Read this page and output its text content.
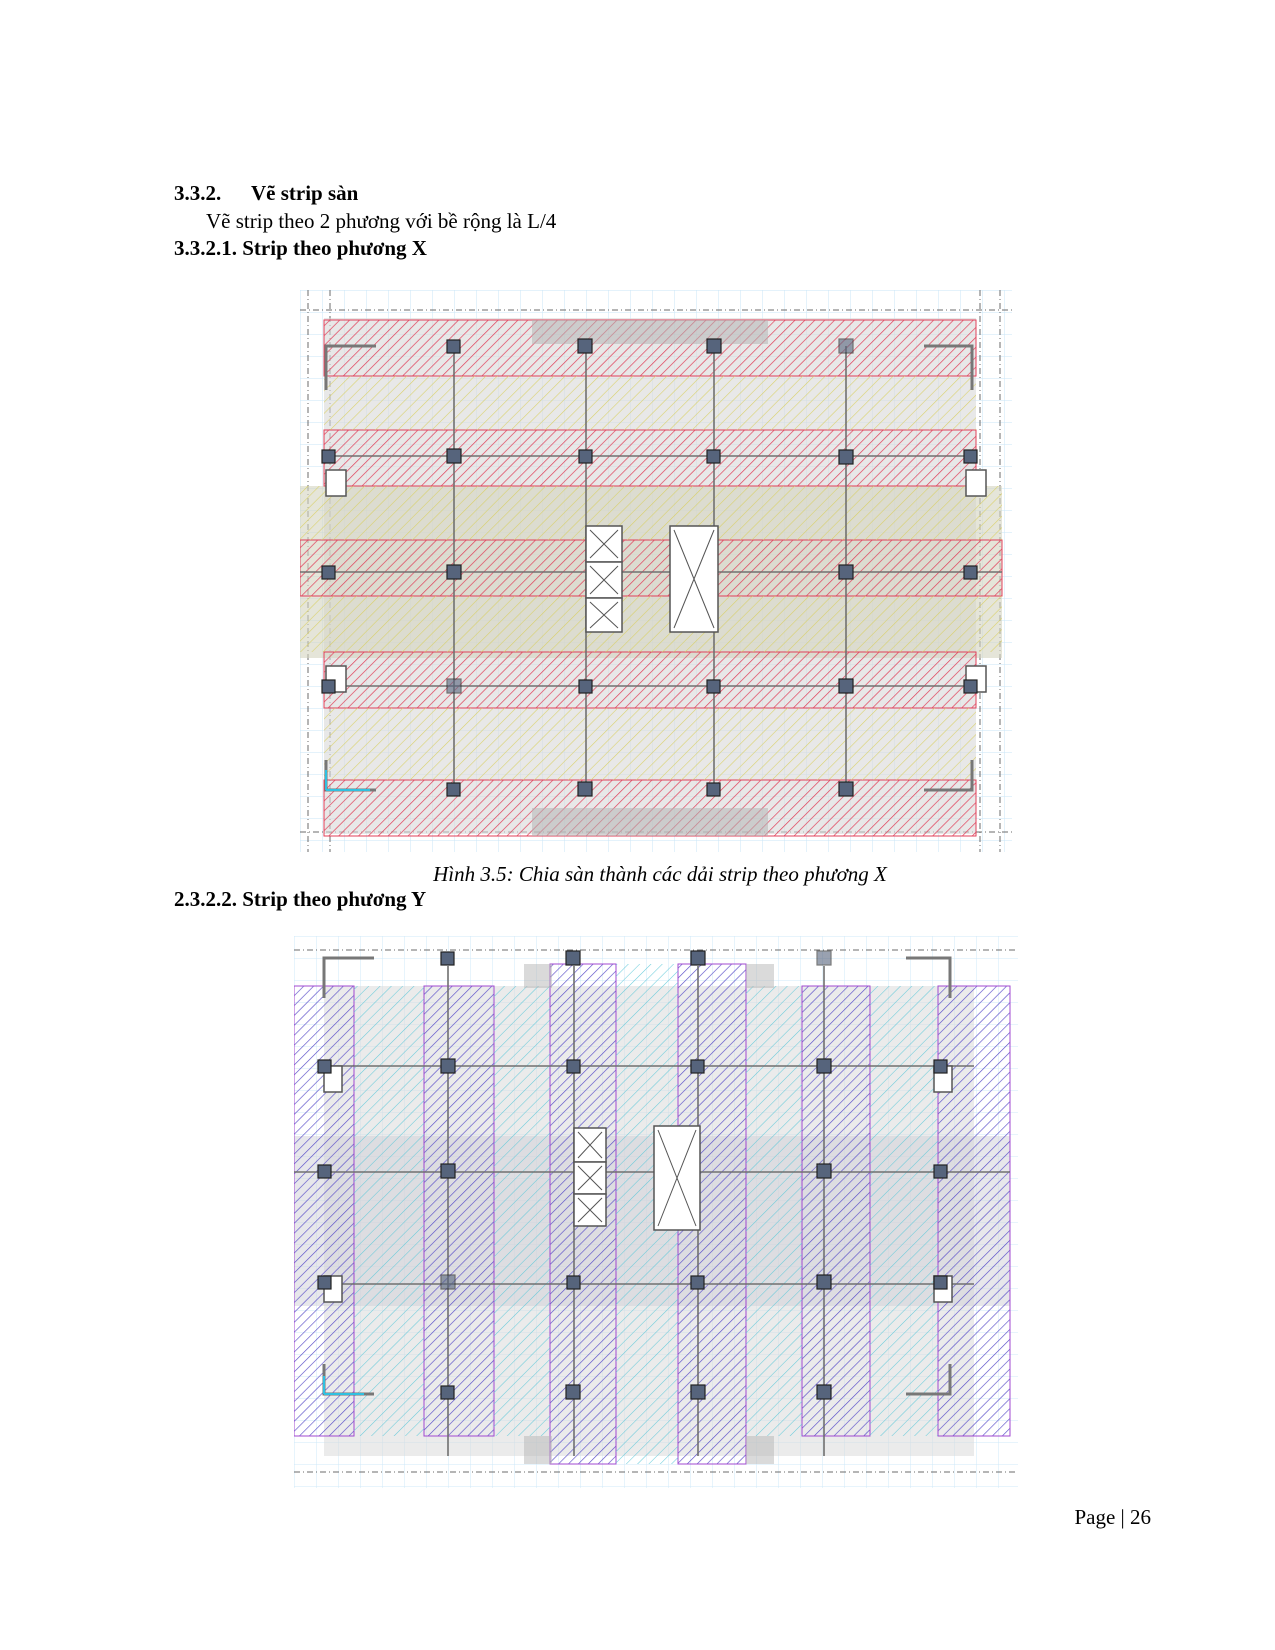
3.3.2. Vẽ strip sàn
Vẽ strip theo 2 phương với bề rộng là L/4
3.3.2.1. Strip theo phương X
Hình 3.5: Chia sàn thành các dải strip theo phương X
2.3.2.2. Strip theo phương Y
Page | 26
